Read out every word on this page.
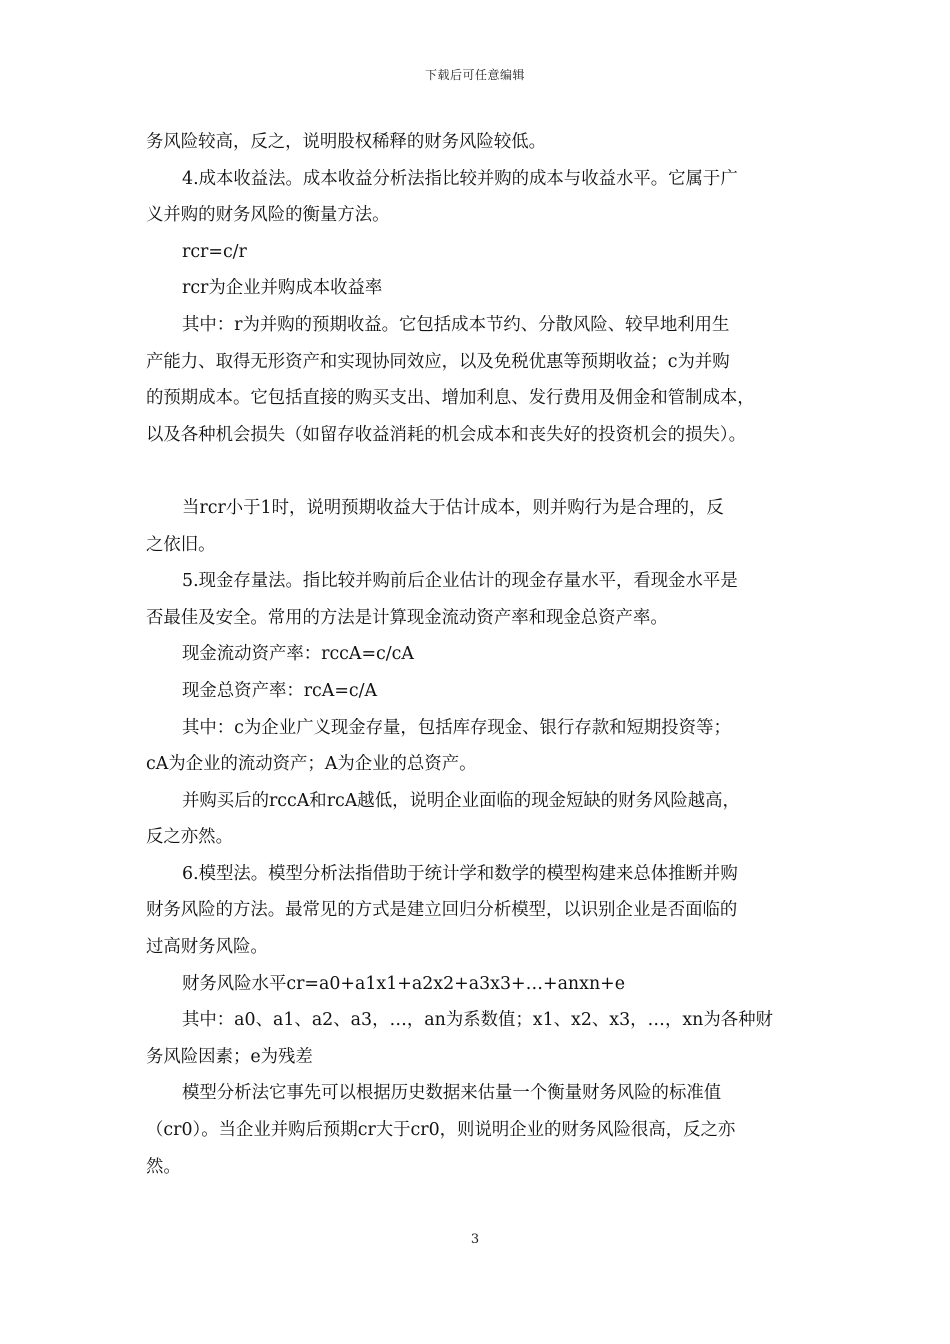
下载后可任意编辑
务风险较高，反之，说明股权稀释的财务风险较低。
4.成本收益法。成本收益分析法指比较并购的成本与收益水平。它属于广
义并购的财务风险的衡量方法。
rcr=c/r
rcr为企业并购成本收益率
其中：r为并购的预期收益。它包括成本节约、分散风险、较早地利用生
产能力、取得无形资产和实现协同效应，以及免税优惠等预期收益；c为并购
的预期成本。它包括直接的购买支出、增加利息、发行费用及佣金和管制成本，
以及各种机会损失（如留存收益消耗的机会成本和丧失好的投资机会的损失）。
当rcr小于1时，说明预期收益大于估计成本，则并购行为是合理的，反
之依旧。
5.现金存量法。指比较并购前后企业估计的现金存量水平，看现金水平是
否最佳及安全。常用的方法是计算现金流动资产率和现金总资产率。
现金流动资产率：rccA=c/cA
现金总资产率：rcA=c/A
其中：c为企业广义现金存量，包括库存现金、银行存款和短期投资等；
cA为企业的流动资产；A为企业的总资产。
并购买后的rccA和rcA越低，说明企业面临的现金短缺的财务风险越高，
反之亦然。
6.模型法。模型分析法指借助于统计学和数学的模型构建来总体推断并购
财务风险的方法。最常见的方式是建立回归分析模型，以识别企业是否面临的
过高财务风险。
财务风险水平cr=a0+a1x1+a2x2+a3x3+…+anxn+e
其中：a0、a1、a2、a3，…，an为系数值；x1、x2、x3，…，xn为各种财
务风险因素；e为残差
模型分析法它事先可以根据历史数据来估量一个衡量财务风险的标准值
（cr0）。当企业并购后预期cr大于cr0，则说明企业的财务风险很高，反之亦
然。
3
